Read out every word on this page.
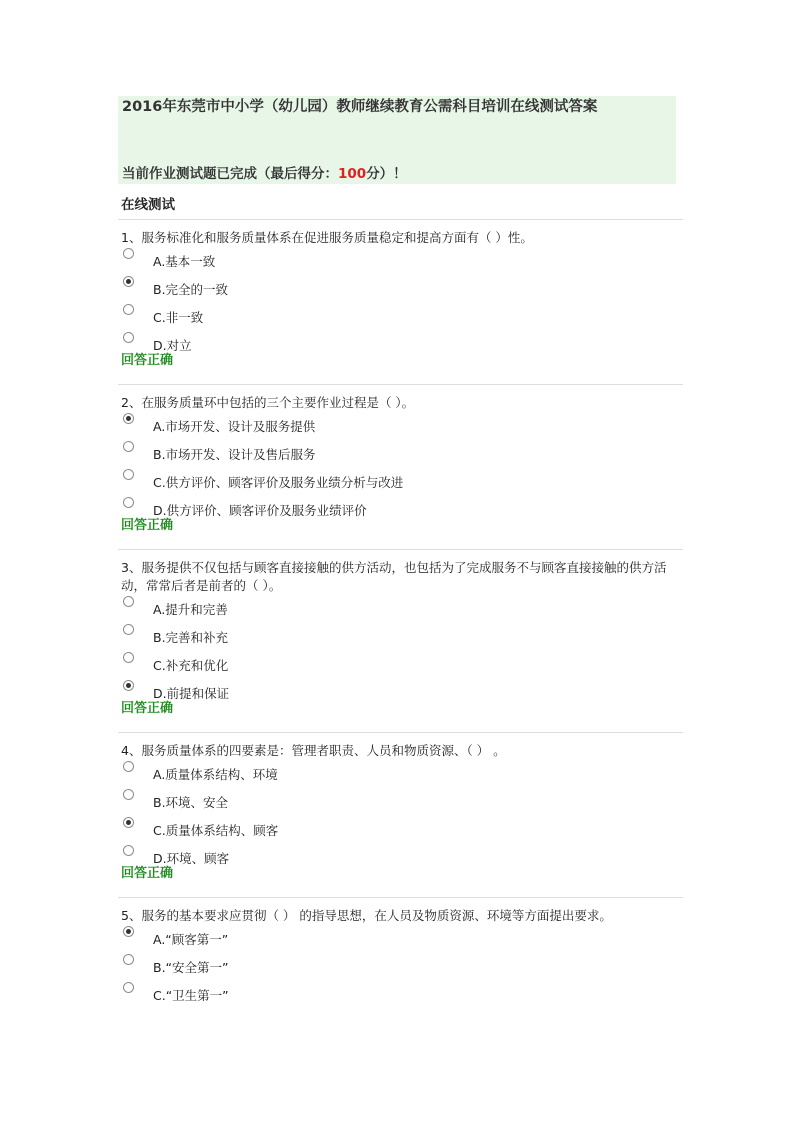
2016年东莞市中小学（幼儿园）教师继续教育公需科目培训在线测试答案
当前作业测试题已完成（最后得分：100分）！
在线测试
1、服务标准化和服务质量体系在促进服务质量稳定和提高方面有（ ）性。
A.基本一致
B.完全的一致
C.非一致
D.对立
回答正确
2、在服务质量环中包括的三个主要作业过程是（ ）。
A.市场开发、设计及服务提供
B.市场开发、设计及售后服务
C.供方评价、顾客评价及服务业绩分析与改进
D.供方评价、顾客评价及服务业绩评价
回答正确
3、服务提供不仅包括与顾客直接接触的供方活动，也包括为了完成服务不与顾客直接接触的供方活动，常常后者是前者的（ ）。
A.提升和完善
B.完善和补充
C.补充和优化
D.前提和保证
回答正确
4、服务质量体系的四要素是：管理者职责、人员和物质资源、（ ） 。
A.质量体系结构、环境
B.环境、安全
C.质量体系结构、顾客
D.环境、顾客
回答正确
5、服务的基本要求应贯彻（ ） 的指导思想，在人员及物质资源、环境等方面提出要求。
A.“顾客第一”
B.“安全第一”
C.“卫生第一”
